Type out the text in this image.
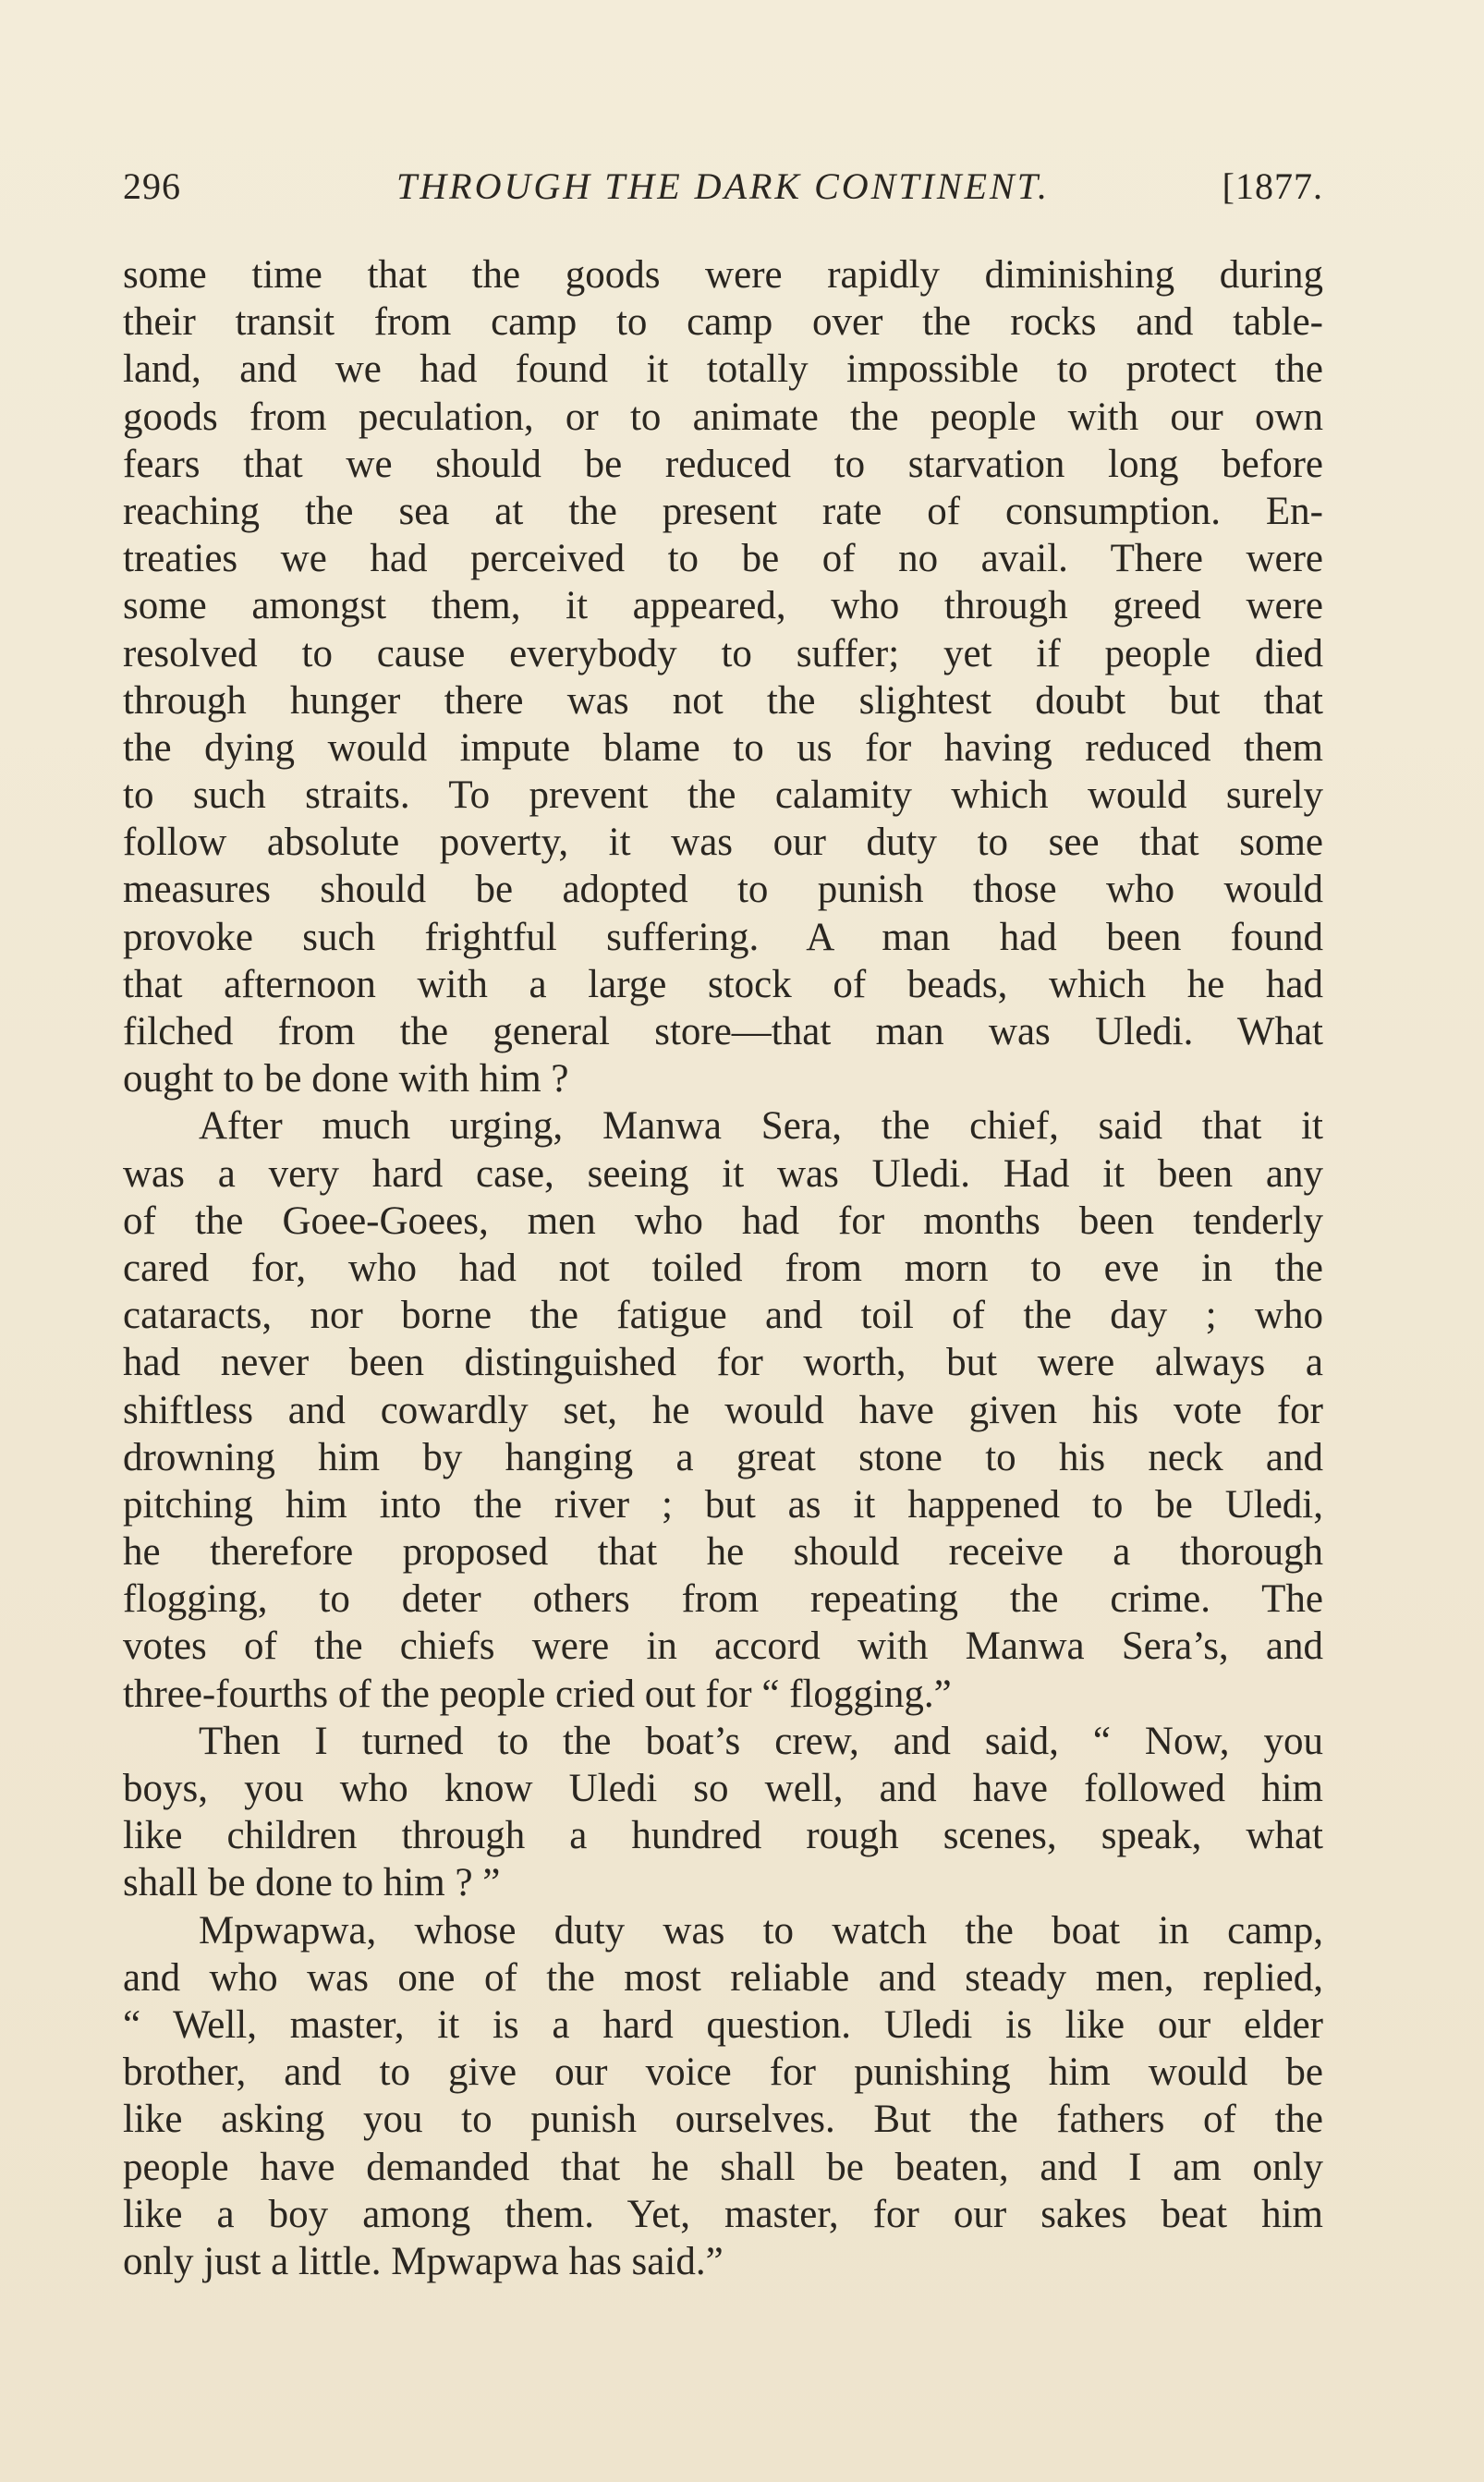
296	THROUGH THE DARK CONTINENT.	[1877.
some time that the goods were rapidly diminishing during
their transit from camp to camp over the rocks and table-
land, and we had found it totally impossible to protect the
goods from peculation, or to animate the people with our own
fears that we should be reduced to starvation long before
reaching the sea at the present rate of consumption. En-
treaties we had perceived to be of no avail. There were
some amongst them, it appeared, who through greed were
resolved to cause everybody to suffer; yet if people died
through hunger there was not the slightest doubt but that
the dying would impute blame to us for having reduced them
to such straits. To prevent the calamity which would surely
follow absolute poverty, it was our duty to see that some
measures should be adopted to punish those who would
provoke such frightful suffering. A man had been found
that afternoon with a large stock of beads, which he had
filched from the general store—that man was Uledi. What
ought to be done with him ?
After much urging, Manwa Sera, the chief, said that it
was a very hard case, seeing it was Uledi. Had it been any
of the Goee-Goees, men who had for months been tenderly
cared for, who had not toiled from morn to eve in the
cataracts, nor borne the fatigue and toil of the day ; who
had never been distinguished for worth, but were always a
shiftless and cowardly set, he would have given his vote for
drowning him by hanging a great stone to his neck and
pitching him into the river ; but as it happened to be Uledi,
he therefore proposed that he should receive a thorough
flogging, to deter others from repeating the crime. The
votes of the chiefs were in accord with Manwa Sera’s, and
three-fourths of the people cried out for “ flogging.”
Then I turned to the boat’s crew, and said, “ Now, you
boys, you who know Uledi so well, and have followed him
like children through a hundred rough scenes, speak, what
shall be done to him ? ”
Mpwapwa, whose duty was to watch the boat in camp,
and who was one of the most reliable and steady men, replied,
“ Well, master, it is a hard question. Uledi is like our elder
brother, and to give our voice for punishing him would be
like asking you to punish ourselves. But the fathers of the
people have demanded that he shall be beaten, and I am only
like a boy among them. Yet, master, for our sakes beat him
only just a little. Mpwapwa has said.”
